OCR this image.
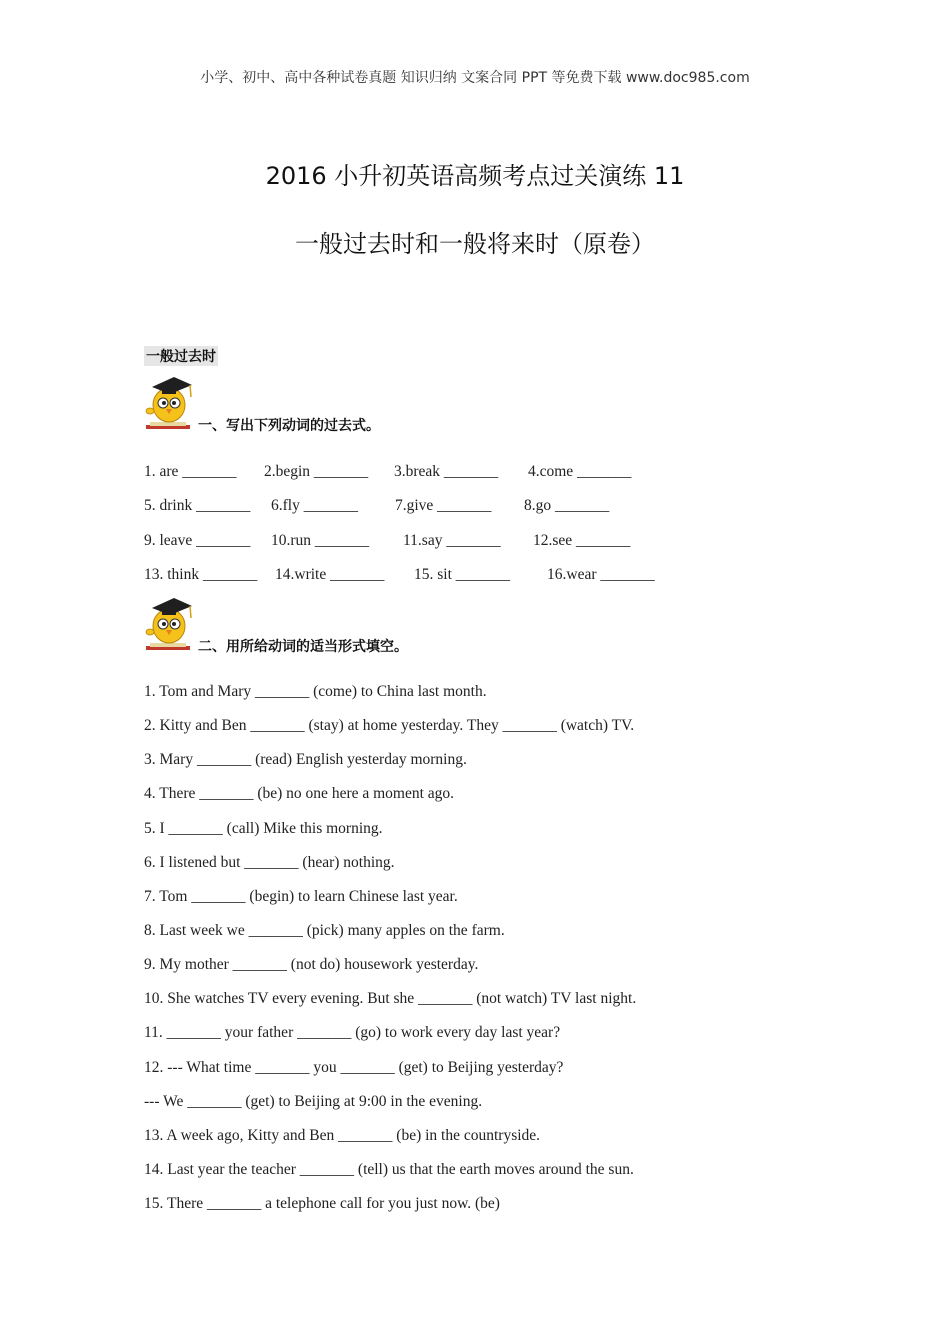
小学、初中、高中各种试卷真题 知识归纳 文案合同 PPT 等免费下载 www.doc985.com
2016 小升初英语高频考点过关演练 11
一般过去时和一般将来时（原卷）
一般过去时
一、写出下列动词的过去式。
1. are _______ 2.begin _______ 3.break _______ 4.come _______
5. drink _______ 6.fly _______ 7.give _______ 8.go _______
9. leave _______ 10.run _______ 11.say _______ 12.see _______
13. think _______ 14.write _______ 15. sit _______ 16.wear _______
二、用所给动词的适当形式填空。
1. Tom and Mary _______ (come) to China last month.
2. Kitty and Ben _______ (stay) at home yesterday. They _______ (watch) TV.
3. Mary _______ (read) English yesterday morning.
4. There _______ (be) no one here a moment ago.
5. I _______ (call) Mike this morning.
6. I listened but _______ (hear) nothing.
7. Tom _______ (begin) to learn Chinese last year.
8. Last week we _______ (pick) many apples on the farm.
9. My mother _______ (not do) housework yesterday.
10. She watches TV every evening. But she _______ (not watch) TV last night.
11. _______ your father _______ (go) to work every day last year?
12. --- What time _______ you _______ (get) to Beijing yesterday?
--- We _______ (get) to Beijing at 9:00 in the evening.
13. A week ago, Kitty and Ben _______ (be) in the countryside.
14. Last year the teacher _______ (tell) us that the earth moves around the sun.
15. There _______ a telephone call for you just now. (be)
